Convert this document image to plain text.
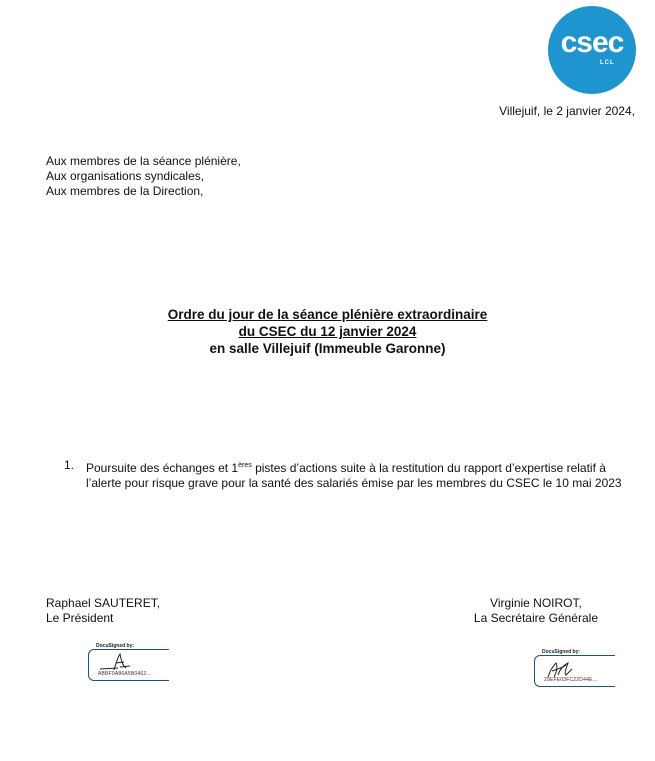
csec
LCL
Villejuif, le 2 janvier 2024,
Aux membres de la séance plénière,
Aux organisations syndicales,
Aux membres de la Direction,
Ordre du jour de la séance plénière extraordinaire
du CSEC du 12 janvier 2024
en salle Villejuif (Immeuble Garonne)
1. Poursuite des échanges et 1ères pistes d’actions suite à la restitution du rapport d’expertise relatif à l’alerte pour risque grave pour la santé des salariés émise par les membres du CSEC le 10 mai 2023
Raphael SAUTERET,
Le Président
DocuSigned by:
ABBF0A86A5B0462...
Virginie NOIROT,
La Secrétaire Générale
DocuSigned by:
29EFE03FC22D44E...
